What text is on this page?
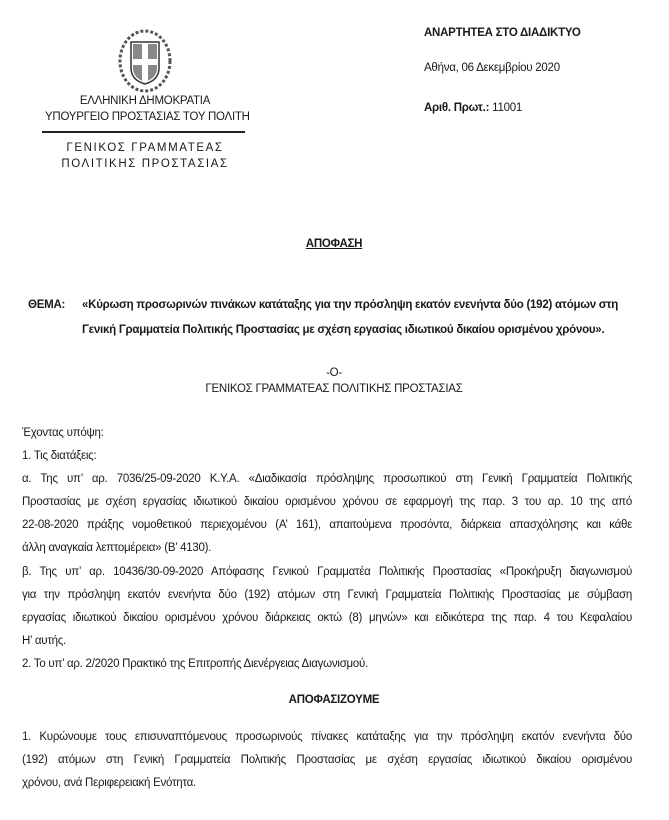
ΕΛΛΗΝΙΚΗ ΔΗΜΟΚΡΑΤΙΑ
ΥΠΟΥΡΓΕΙΟ ΠΡΟΣΤΑΣΙΑΣ ΤΟΥ ΠΟΛΙΤΗ
ΓΕΝΙΚΟΣ ΓΡΑΜΜΑΤΕΑΣ
ΠΟΛΙΤΙΚΗΣ ΠΡΟΣΤΑΣΙΑΣ
ΑΝΑΡΤΗΤΕΑ ΣΤΟ ΔΙΑΔΙΚΤΥΟ
Αθήνα, 06 Δεκεμβρίου 2020
Αριθ. Πρωτ.: 11001
ΑΠΟΦΑΣΗ
ΘΕΜΑ: «Κύρωση προσωρινών πινάκων κατάταξης για την πρόσληψη εκατόν ενενήντα δύο (192) ατόμων στη
Γενική Γραμματεία Πολιτικής Προστασίας με σχέση εργασίας ιδιωτικού δικαίου ορισμένου χρόνου».
-Ο-
ΓΕΝΙΚΟΣ ΓΡΑΜΜΑΤΕΑΣ ΠΟΛΙΤΙΚΗΣ ΠΡΟΣΤΑΣΙΑΣ
Έχοντας υπόψη:
1. Τις διατάξεις:
α. Της υπ’ αρ. 7036/25-09-2020 Κ.Υ.Α. «Διαδικασία πρόσληψης προσωπικού στη Γενική Γραμματεία Πολιτικής
Προστασίας με σχέση εργασίας ιδιωτικού δικαίου ορισμένου χρόνου σε εφαρμογή της παρ. 3 του αρ. 10 της από
22-08-2020 πράξης νομοθετικού περιεχομένου (Α’ 161), απαιτούμενα προσόντα, διάρκεια απασχόλησης και κάθε
άλλη αναγκαία λεπτομέρεια» (Β’ 4130).
β. Της υπ’ αρ. 10436/30-09-2020 Απόφασης Γενικού Γραμματέα Πολιτικής Προστασίας «Προκήρυξη διαγωνισμού
για την πρόσληψη εκατόν ενενήντα δύο (192) ατόμων στη Γενική Γραμματεία Πολιτικής Προστασίας με σύμβαση
εργασίας ιδιωτικού δικαίου ορισμένου χρόνου διάρκειας οκτώ (8) μηνών» και ειδικότερα της παρ. 4 του Κεφαλαίου
Η’ αυτής.
2. Το υπ’ αρ. 2/2020 Πρακτικό της Επιτροπής Διενέργειας Διαγωνισμού.
ΑΠΟΦΑΣΙΖΟΥΜΕ
1. Κυρώνουμε τους επισυναπτόμενους προσωρινούς πίνακες κατάταξης για την πρόσληψη εκατόν ενενήντα δύο
(192) ατόμων στη Γενική Γραμματεία Πολιτικής Προστασίας με σχέση εργασίας ιδιωτικού δικαίου ορισμένου
χρόνου, ανά Περιφερειακή Ενότητα.
